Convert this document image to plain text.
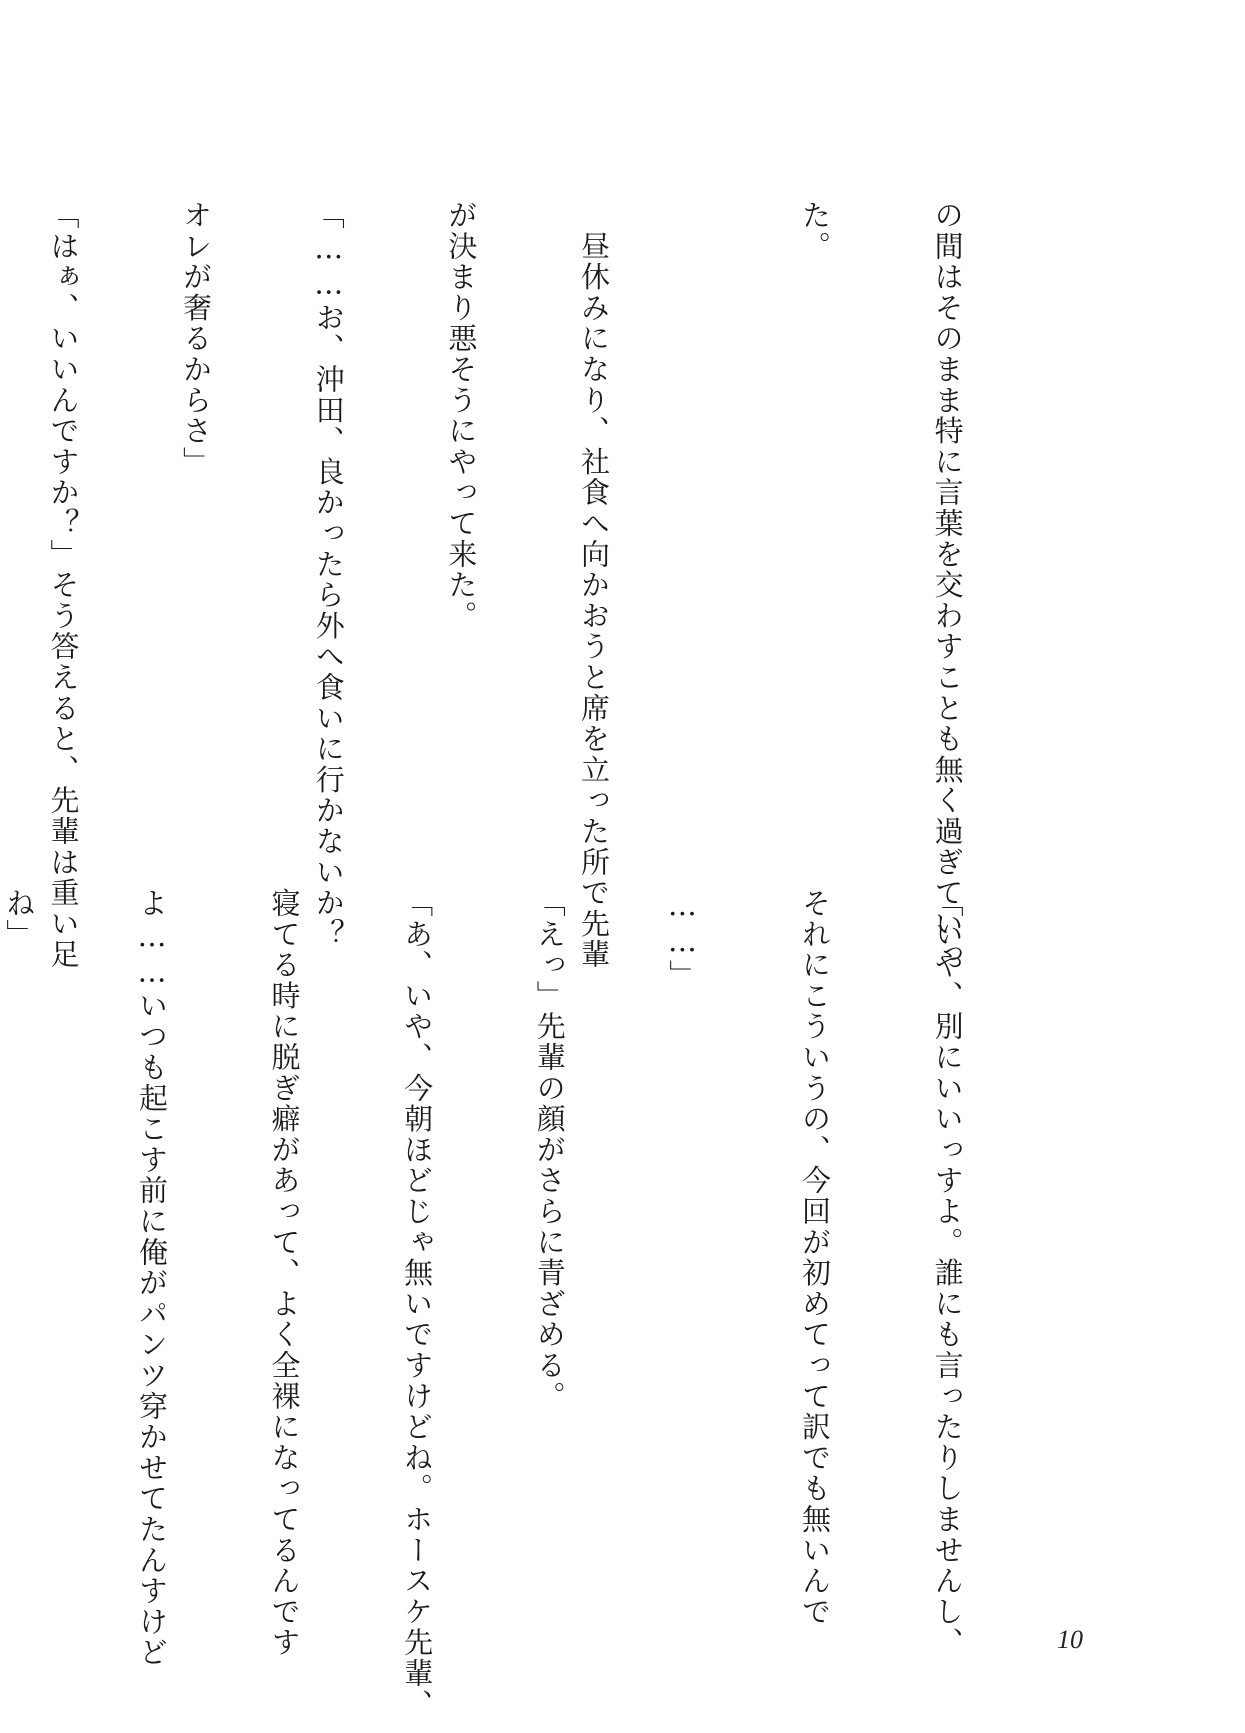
の間はそのまま特に言葉を交わすことも無く過ぎていっ

た。

　昼休みになり、社食へ向かおうと席を立った所で先輩

が決まり悪そうにやって来た。

「……お、沖田、良かったら外へ食いに行かないか？

オレが奢るからさ」

「はぁ、いいんですか？」そう答えると、先輩は重い足

「いや、別にいいっすよ。誰にも言ったりしませんし、

それにこういうの、今回が初めてって訳でも無いんで

……」

「えっ」先輩の顔がさらに青ざめる。

「あ、いや、今朝ほどじゃ無いですけどね。ホースケ先輩、

寝てる時に脱ぎ癖があって、よく全裸になってるんです

よ……いつも起こす前に俺がパンツ穿かせてたんすけど

ね」

10
